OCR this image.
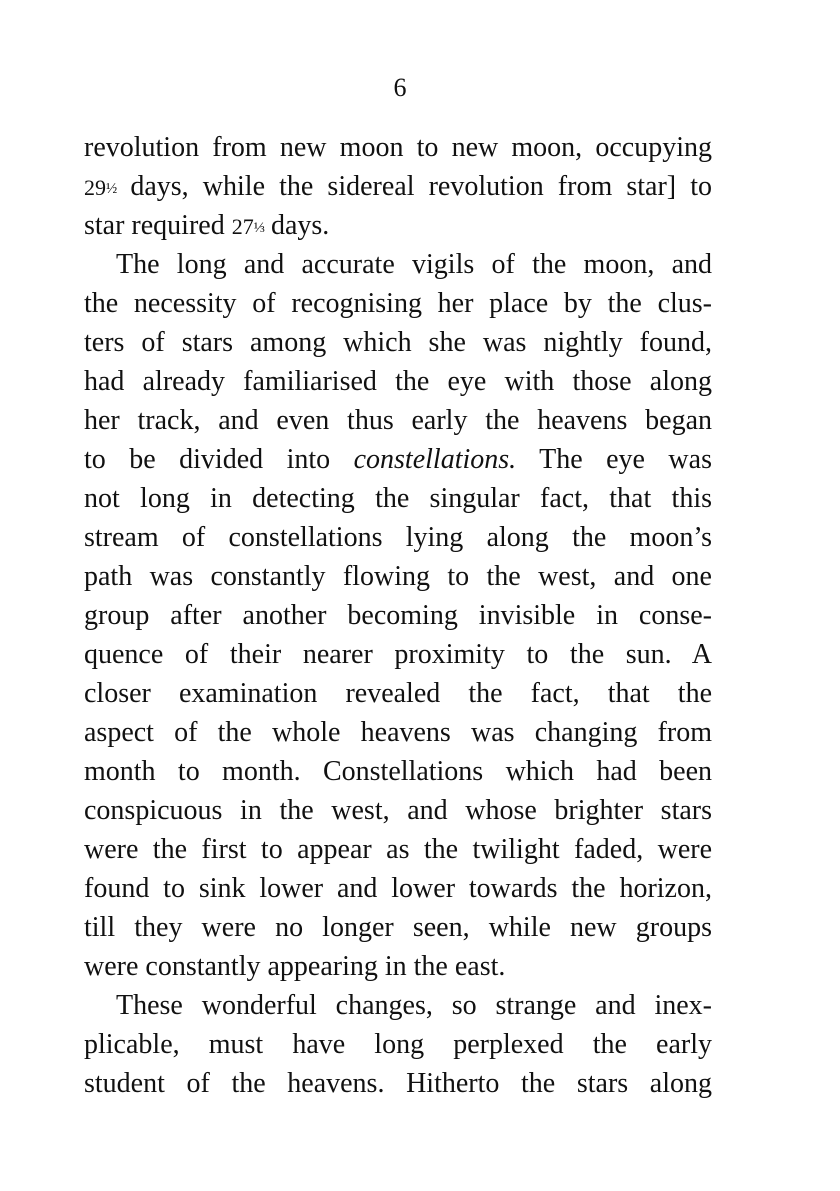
6
revolution from new moon to new moon, occupying
29½ days, while the sidereal revolution from star] to
star required 27⅓ days.
The long and accurate vigils of the moon, and
the necessity of recognising her place by the clus-
ters of stars among which she was nightly found,
had already familiarised the eye with those along
her track, and even thus early the heavens began
to be divided into constellations. The eye was
not long in detecting the singular fact, that this
stream of constellations lying along the moon’s
path was constantly flowing to the west, and one
group after another becoming invisible in conse-
quence of their nearer proximity to the sun. A
closer examination revealed the fact, that the
aspect of the whole heavens was changing from
month to month. Constellations which had been
conspicuous in the west, and whose brighter stars
were the first to appear as the twilight faded, were
found to sink lower and lower towards the horizon,
till they were no longer seen, while new groups
were constantly appearing in the east.
These wonderful changes, so strange and inex-
plicable, must have long perplexed the early
student of the heavens. Hitherto the stars along
